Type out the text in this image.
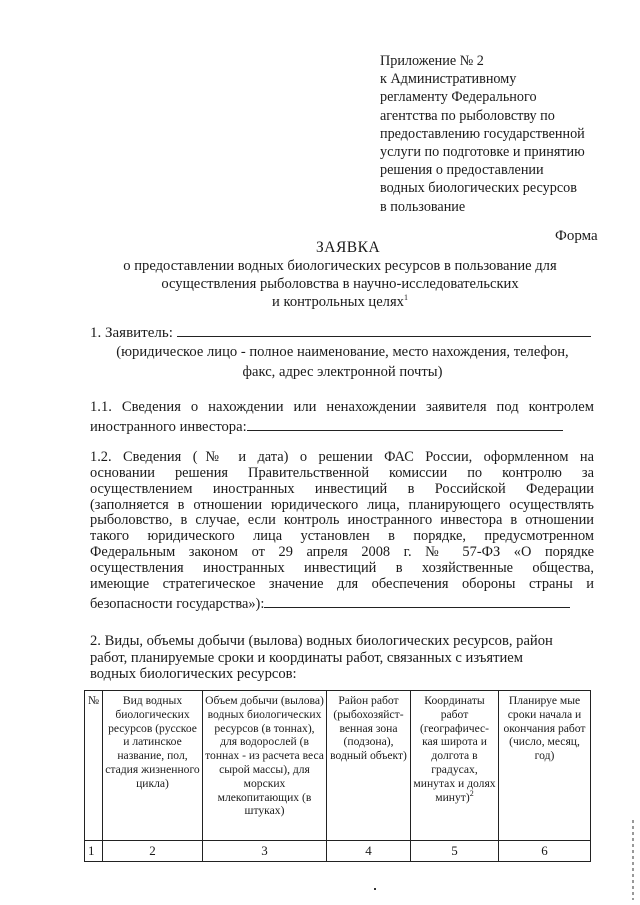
Приложение № 2
к Административному
регламенту Федерального
агентства по рыболовству по
предоставлению государственной
услуги по подготовке и принятию
решения о предоставлении
водных биологических ресурсов
в пользование
Форма
ЗАЯВКА
о предоставлении водных биологических ресурсов в пользование для
осуществления рыболовства в научно-исследовательских
и контрольных целях$^1$
1. Заявитель:
(юридическое лицо - полное наименование, место нахождения, телефон,
факс, адрес электронной почты)
1.1. Сведения о нахождении или ненахождении заявителя под контролем
иностранного инвестора:
1.2. Сведения (№ и дата) о решении ФАС России, оформленном на
основании решения Правительственной комиссии по контролю за
осуществлением иностранных инвестиций в Российской Федерации
(заполняется в отношении юридического лица, планирующего осуществлять
рыболовство, в случае, если контроль иностранного инвестора в отношении
такого юридического лица установлен в порядке, предусмотренном
Федеральным законом от 29 апреля 2008 г. № 57-ФЗ «О порядке
осуществления иностранных инвестиций в хозяйственные общества,
имеющие стратегическое значение для обеспечения обороны страны и
безопасности государства»):
2. Виды, объемы добычи (вылова) водных биологических ресурсов, район
работ, планируемые сроки и координаты работ, связанных с изъятием
водных биологических ресурсов:
№	Вид водных биологических ресурсов (русское и латинское название, пол, стадия жизненного цикла)	Объем добычи (вылова) водных биологических ресурсов (в тоннах), для водорослей (в тоннах - из расчета веса сырой массы), для морских млекопитающих (в штуках)	Район работ (рыбохозяйст-венная зона (подзона), водный объект)	Координаты работ (географичес-кая широта и долгота в градусах, минутах и долях минут)$^2$	Планируе мые сроки начала и окончания работ (число, месяц, год)
1	2	3	4	5	6
